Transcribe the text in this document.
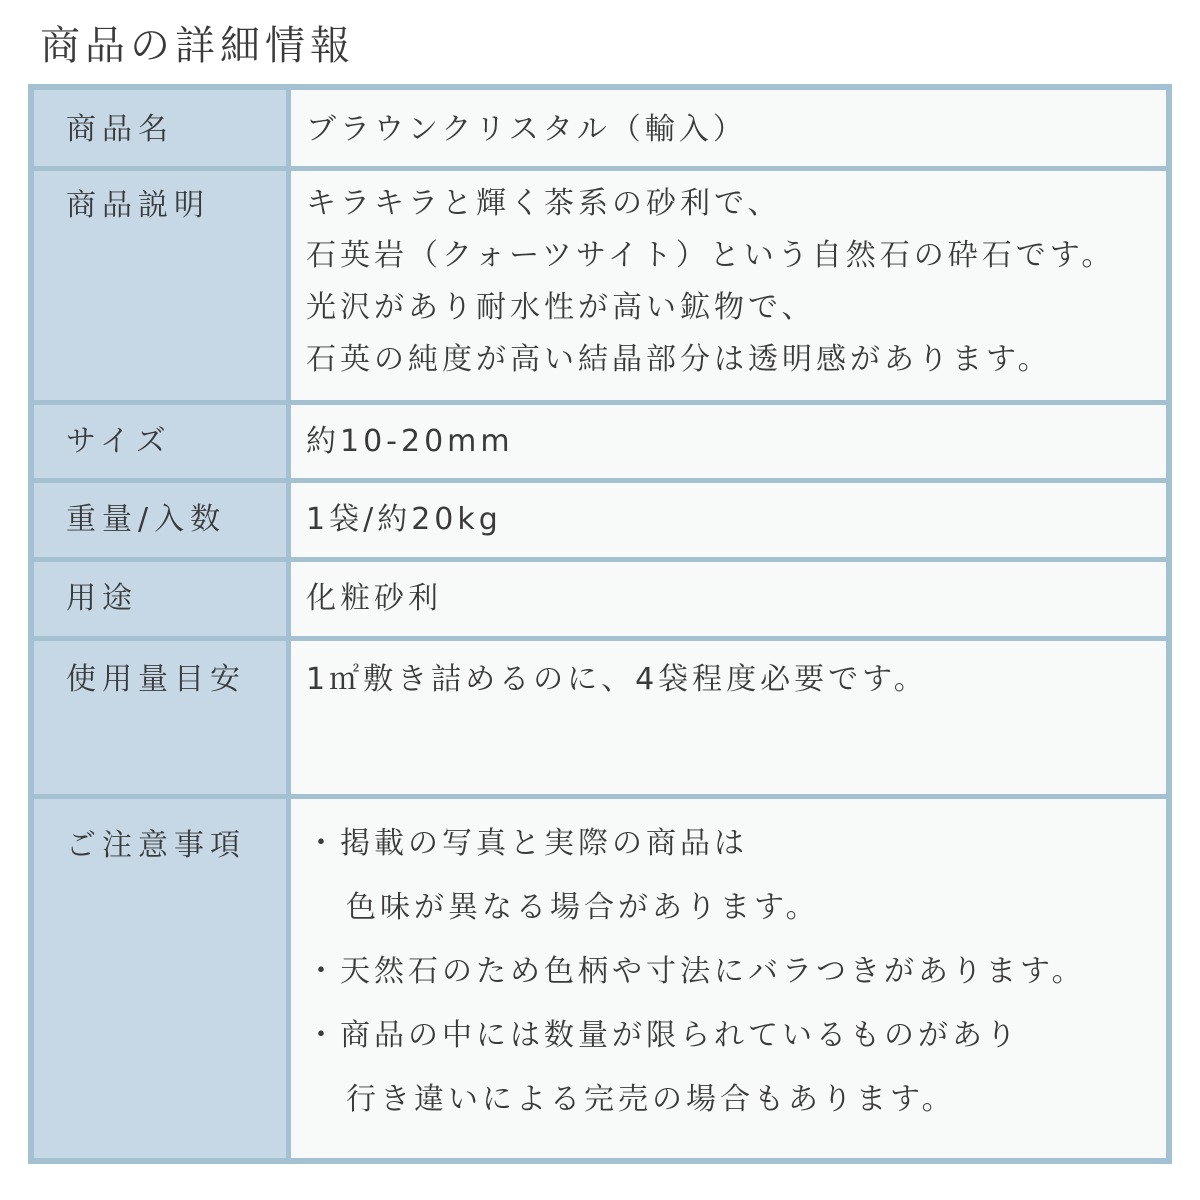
商品の詳細情報
商品名	ブラウンクリスタル（輸入）
商品説明	キラキラと輝く茶系の砂利で、
石英岩（クォーツサイト）という自然石の砕石です。
光沢があり耐水性が高い鉱物で、
石英の純度が高い結晶部分は透明感があります。
サイズ	約10-20mm
重量/入数	1袋/約20kg
用途	化粧砂利
使用量目安 1㎡敷き詰めるのに、4袋程度必要です。
ご注意事項 ・掲載の写真と実際の商品は
色味が異なる場合があります。
・天然石のため色柄や寸法にバラつきがあります。
・商品の中には数量が限られているものがあり
行き違いによる完売の場合もあります。
